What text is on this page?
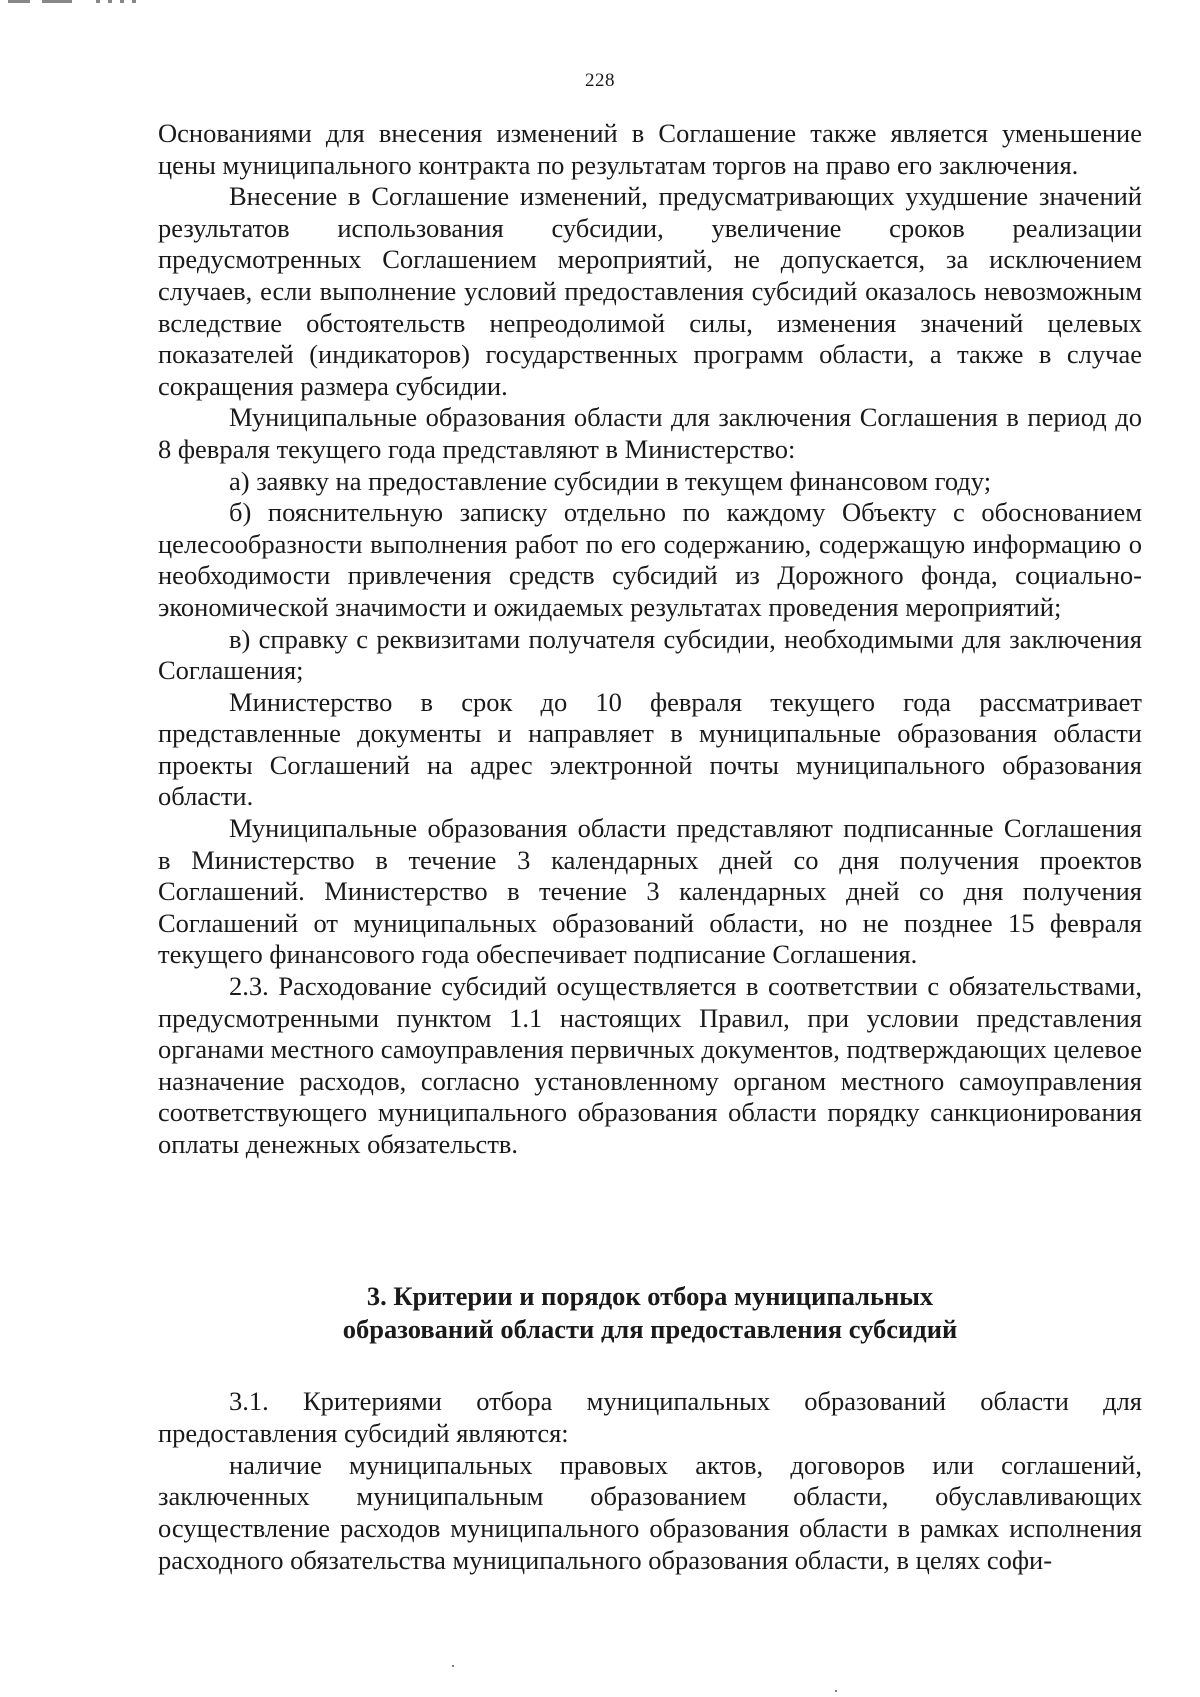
228

Основаниями для внесения изменений в Соглашение также является уменьшение цены муниципального контракта по результатам торгов на право его заключения.

Внесение в Соглашение изменений, предусматривающих ухудшение значений результатов использования субсидии, увеличение сроков реализации предусмотренных Соглашением мероприятий, не допускается, за исключением случаев, если выполнение условий предоставления субсидий оказалось невозможным вследствие обстоятельств непреодолимой силы, изменения значений целевых показателей (индикаторов) государственных программ области, а также в случае сокращения размера субсидии.

Муниципальные образования области для заключения Соглашения в период до 8 февраля текущего года представляют в Министерство:

а) заявку на предоставление субсидии в текущем финансовом году;

б) пояснительную записку отдельно по каждому Объекту с обоснованием целесообразности выполнения работ по его содержанию, содержащую информацию о необходимости привлечения средств субсидий из Дорожного фонда, социально-экономической значимости и ожидаемых результатах проведения мероприятий;

в) справку с реквизитами получателя субсидии, необходимыми для заключения Соглашения;

Министерство в срок до 10 февраля текущего года рассматривает представленные документы и направляет в муниципальные образования области проекты Соглашений на адрес электронной почты муниципального образования области.

Муниципальные образования области представляют подписанные Соглашения в Министерство в течение 3 календарных дней со дня получения проектов Соглашений. Министерство в течение 3 календарных дней со дня получения Соглашений от муниципальных образований области, но не позднее 15 февраля текущего финансового года обеспечивает подписание Соглашения.

2.3. Расходование субсидий осуществляется в соответствии с обязательствами, предусмотренными пунктом 1.1 настоящих Правил, при условии представления органами местного самоуправления первичных документов, подтверждающих целевое назначение расходов, согласно установленному органом местного самоуправления соответствующего муниципального образования области порядку санкционирования оплаты денежных обязательств.

3. Критерии и порядок отбора муниципальных
образований области для предоставления субсидий

3.1. Критериями отбора муниципальных образований области для предоставления субсидий являются:

наличие муниципальных правовых актов, договоров или соглашений, заключенных муниципальным образованием области, обуславливающих осуществление расходов муниципального образования области в рамках исполнения расходного обязательства муниципального образования области, в целях софи-
